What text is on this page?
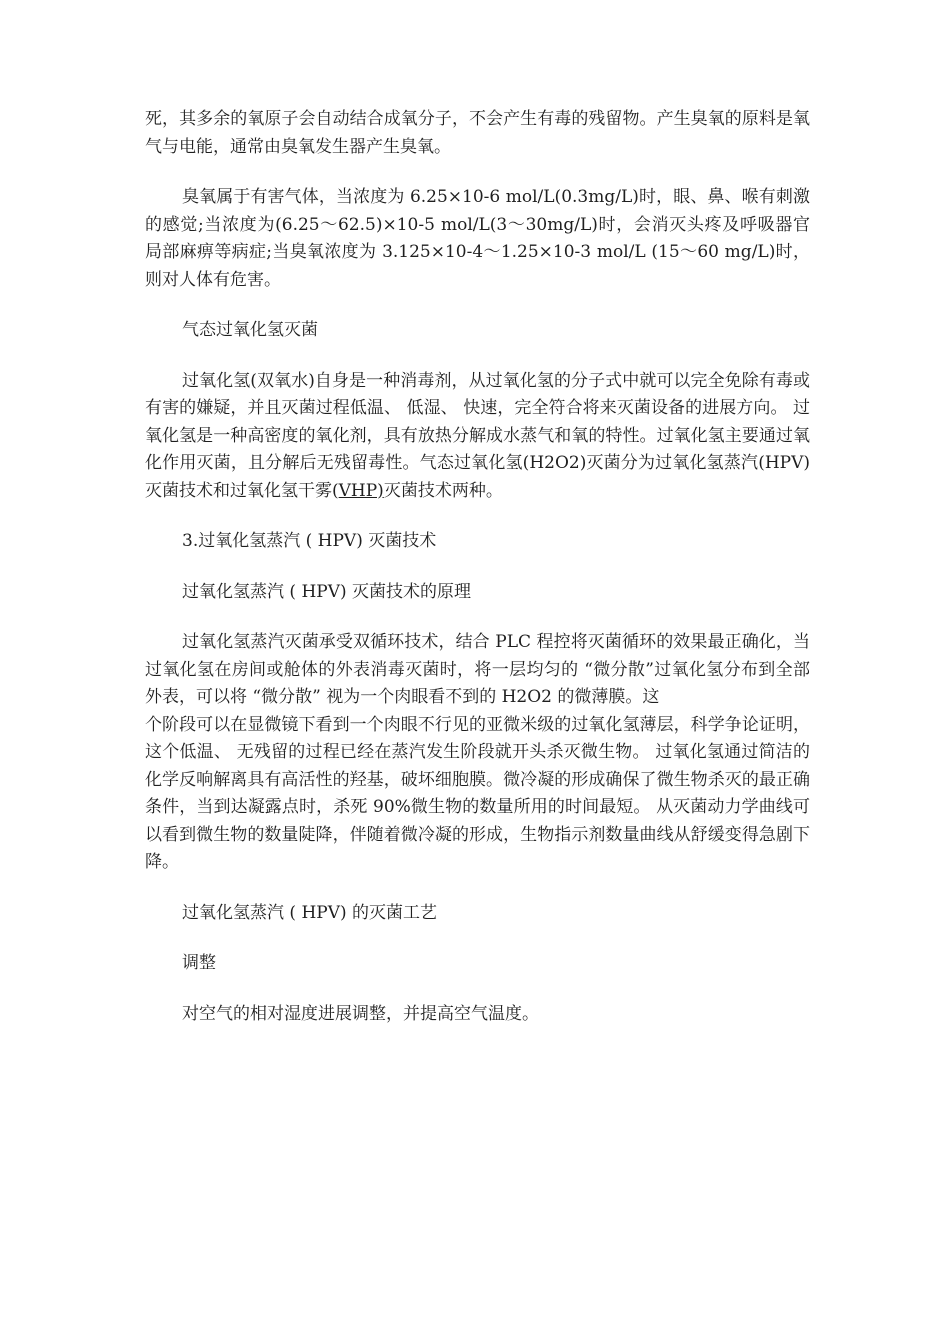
死，其多余的氧原子会自动结合成氧分子，不会产生有毒的残留物。产生臭氧的原料是氧气与电能，通常由臭氧发生器产生臭氧。

臭氧属于有害气体，当浓度为 6.25×10-6 mol/L(0.3mg/L)时，眼、鼻、喉有刺激的感觉;当浓度为(6.25～62.5)×10-5 mol/L(3～30mg/L)时，会消灭头疼及呼吸器官局部麻痹等病症;当臭氧浓度为 3.125×10-4～1.25×10-3 mol/L (15～60 mg/L)时，则对人体有危害。

气态过氧化氢灭菌

过氧化氢(双氧水)自身是一种消毒剂，从过氧化氢的分子式中就可以完全免除有毒或有害的嫌疑，并且灭菌过程低温、 低湿、 快速，完全符合将来灭菌设备的进展方向。 过氧化氢是一种高密度的氧化剂，具有放热分解成水蒸气和氧的特性。过氧化氢主要通过氧化作用灭菌，且分解后无残留毒性。气态过氧化氢(H2O2)灭菌分为过氧化氢蒸汽(HPV)灭菌技术和过氧化氢干雾(VHP)灭菌技术两种。

3.过氧化氢蒸汽 ( HPV) 灭菌技术

过氧化氢蒸汽 ( HPV) 灭菌技术的原理

过氧化氢蒸汽灭菌承受双循环技术，结合 PLC 程控将灭菌循环的效果最正确化，当过氧化氢在房间或舱体的外表消毒灭菌时，将一层均匀的 “微分散”过氧化氢分布到全部外表，可以将 “微分散” 视为一个肉眼看不到的 H2O2 的微薄膜。这

个阶段可以在显微镜下看到一个肉眼不行见的亚微米级的过氧化氢薄层，科学争论证明，这个低温、 无残留的过程已经在蒸汽发生阶段就开头杀灭微生物。 过氧化氢通过简洁的化学反响解离具有高活性的羟基，破坏细胞膜。微冷凝的形成确保了微生物杀灭的最正确条件，当到达凝露点时，杀死 90%微生物的数量所用的时间最短。 从灭菌动力学曲线可以看到微生物的数量陡降，伴随着微冷凝的形成，生物指示剂数量曲线从舒缓变得急剧下降。

过氧化氢蒸汽 ( HPV) 的灭菌工艺

调整

对空气的相对湿度进展调整，并提高空气温度。
